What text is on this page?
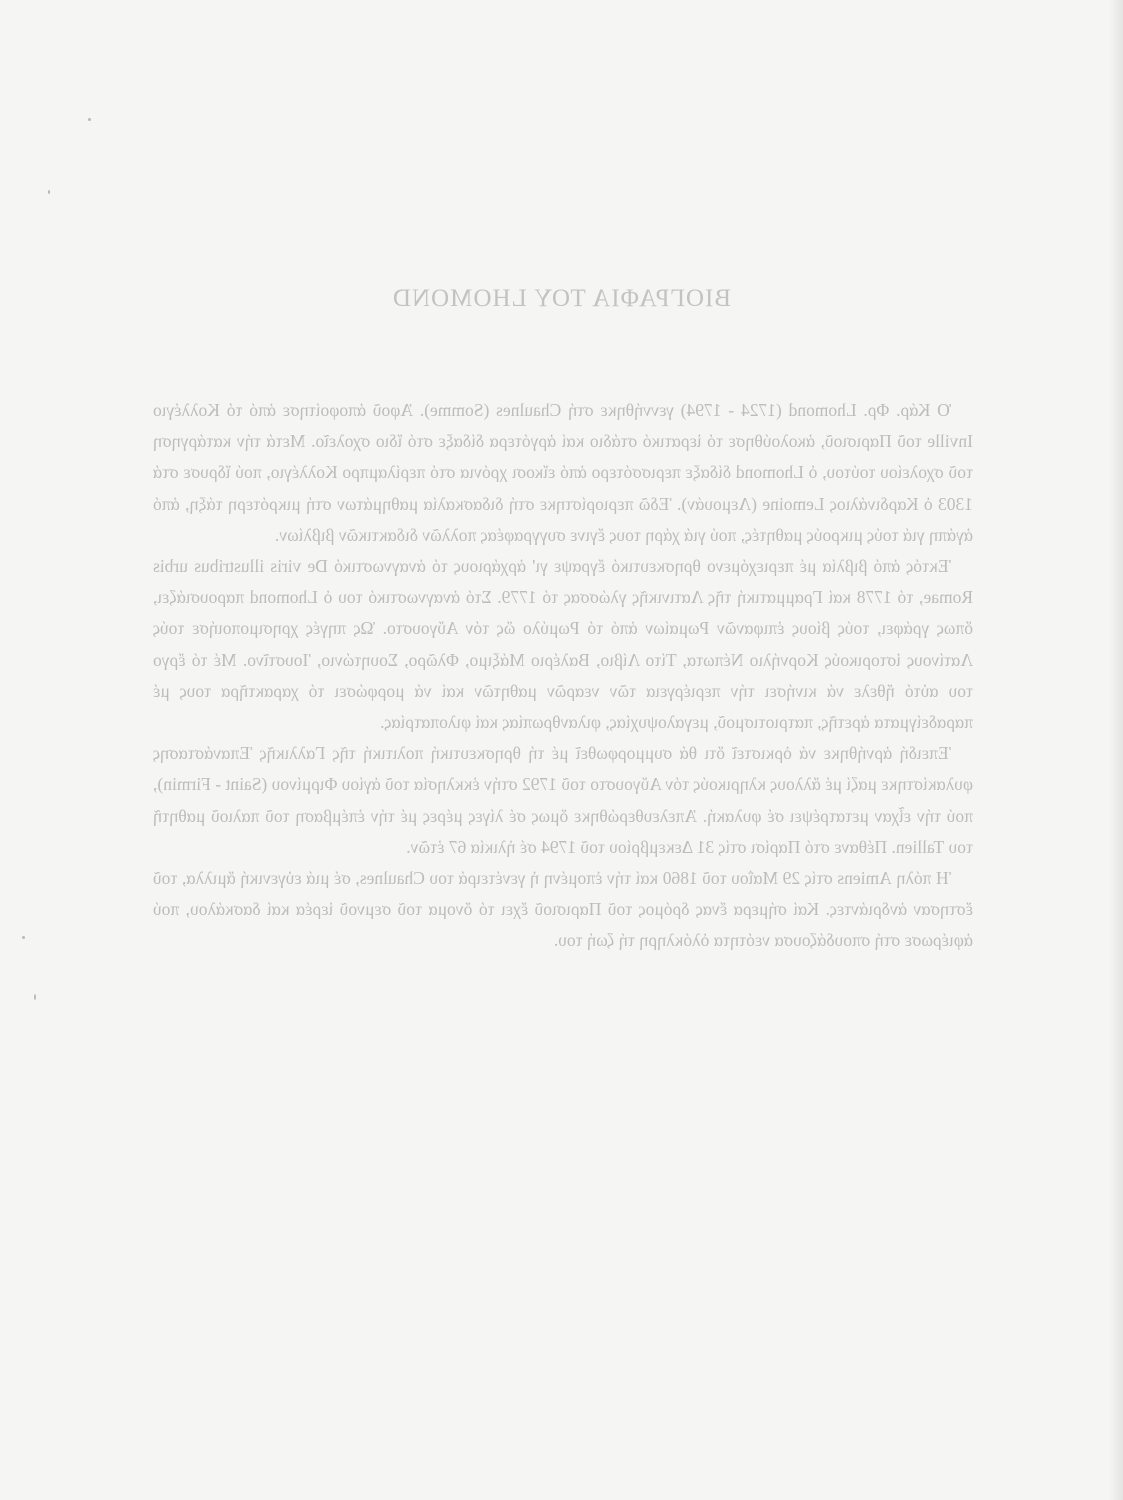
ΒΙΟΓΡΑΦΙΑ ΤΟΥ LHOMOND

Ὁ Κάρ. Φρ. Lhomond (1724 - 1794) γεννήθηκε στή Chaulnes (Somme). Ἀφοῦ ἀποφοίτησε ἀπό τό Κολλέγιο Inville τοῦ Παρισιοῦ, ἀκολούθησε τό ἱερατικό στάδιο καί ἀργότερα δίδαξε στό ἴδιο σχολεῖο. Μετά τήν κατάργηση τοῦ σχολείου τούτου, ὁ Lhomond δίδαξε περισσότερο ἀπό εἴκοσι χρόνια στό περίλαμπρο Κολλέγιο, πού ἵδρυσε στά 1303 ὁ Καρδινάλιος Lemoine (Λεμουάν). Ἐδῶ περιορίστηκε στή διδασκαλία μαθημάτων στή μικρότερη τάξη, ἀπό ἀγάπη γιά τούς μικρούς μαθητές, πού γιά χάρη τους ἔγινε συγγραφέας πολλῶν διδακτικῶν βιβλίων.

Ἐκτός ἀπό βιβλία μέ περιεχόμενο θρησκευτικό ἔγραψε γι' ἀρχάριους τό ἀναγνωστικό De viris illustribus urbis Romae, τό 1778 καί Γραμματική τῆς Λατινικῆς γλώσσας τό 1779. Στό ἀναγνωστικό του ὁ Lhomond παρουσιάζει, ὅπως γράφει, τούς βίους ἐπιφανῶν Ρωμαίων ἀπό τό Ρωμύλο ὥς τόν Αὔγουστο. Ὡς πηγές χρησιμοποιήσε τούς Λατίνους ἱστορικούς Κορνήλιο Νέπωτα, Τίτο Λίβιο, Βαλέριο Μάξιμο, Φλῶρο, Σουητώνιο, Ἰουστῖνο. Μέ τό ἔργο του αὐτό ἤθελε νά κινήσει τήν περιέργεια τῶν νεαρῶν μαθητῶν καί νά μορφώσει τό χαρακτῆρα τους μέ παραδείγματα ἀρετῆς, πατριοτισμοῦ, μεγαλοψυχίας, φιλανθρωπίας καί φιλοπατρίας.

Ἐπειδή ἀρνήθηκε νά ὁρκιστεῖ ὅτι θά συμμορφωθεῖ μέ τή θρησκευτική πολιτική τῆς Γαλλικῆς Ἐπανάστασης φυλακίστηκε μαζί μέ ἄλλους κληρικούς τόν Αὔγουστο τοῦ 1792 στήν ἐκκλησία τοῦ ἁγίου Φιρμίνου (Saint - Firmin), πού τήν εἶχαν μετατρέψει σέ φυλακή. Ἀπελευθερώθηκε ὅμως σέ λίγες μέρες μέ τήν ἐπέμβαση τοῦ παλιοῦ μαθητῆ του Tallien. Πέθανε στό Παρίσι στίς 31 Δεκεμβρίου τοῦ 1794 σέ ἡλικία 67 ἐτῶν.

Ἡ πόλη Amiens στίς 29 Μαΐου τοῦ 1860 καί τήν ἑπομένη ἡ γενέτειρά του Chaulnes, σέ μιά εὐγενική ἅμιλλα, τοῦ ἔστησαν ἀνδριάντες. Καί σήμερα ἕνας δρόμος τοῦ Παρισιοῦ ἔχει τό ὄνομα τοῦ σεμνοῦ ἱερέα καί δασκάλου, πού ἀφιέρωσε στή σπουδάζουσα νεότητα ὁλόκληρη τή ζωή του.
